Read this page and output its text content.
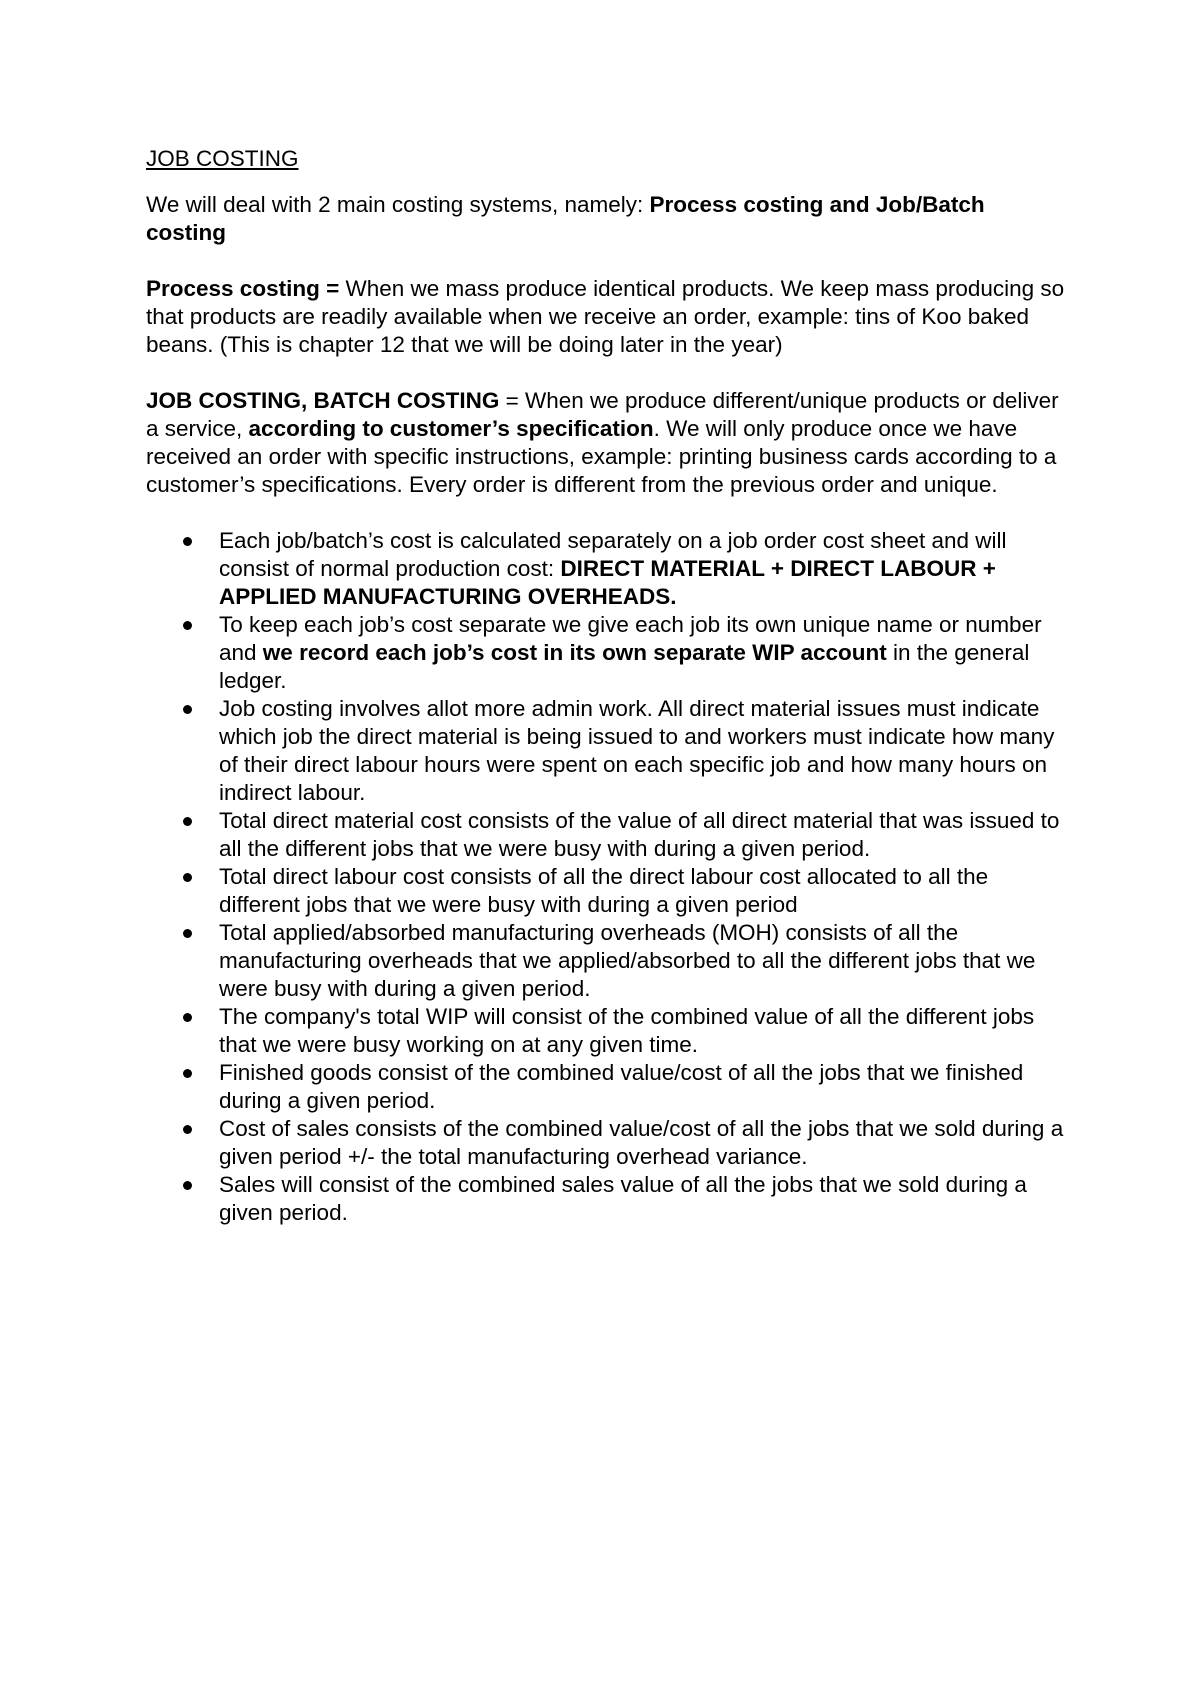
JOB COSTING

We will deal with 2 main costing systems, namely: Process costing and Job/Batch costing

Process costing = When we mass produce identical products. We keep mass producing so that products are readily available when we receive an order, example: tins of Koo baked beans. (This is chapter 12 that we will be doing later in the year)

JOB COSTING, BATCH COSTING = When we produce different/unique products or deliver a service, according to customer’s specification. We will only produce once we have received an order with specific instructions, example: printing business cards according to a customer’s specifications. Every order is different from the previous order and unique.

Each job/batch’s cost is calculated separately on a job order cost sheet and will consist of normal production cost: DIRECT MATERIAL + DIRECT LABOUR + APPLIED MANUFACTURING OVERHEADS.
To keep each job’s cost separate we give each job its own unique name or number and we record each job’s cost in its own separate WIP account in the general ledger.
Job costing involves allot more admin work. All direct material issues must indicate which job the direct material is being issued to and workers must indicate how many of their direct labour hours were spent on each specific job and how many hours on indirect labour.
Total direct material cost consists of the value of all direct material that was issued to all the different jobs that we were busy with during a given period.
Total direct labour cost consists of all the direct labour cost allocated to all the different jobs that we were busy with during a given period
Total applied/absorbed manufacturing overheads (MOH) consists of all the manufacturing overheads that we applied/absorbed to all the different jobs that we were busy with during a given period.
The company's total WIP will consist of the combined value of all the different jobs that we were busy working on at any given time.
Finished goods consist of the combined value/cost of all the jobs that we finished during a given period.
Cost of sales consists of the combined value/cost of all the jobs that we sold during a given period +/- the total manufacturing overhead variance.
Sales will consist of the combined sales value of all the jobs that we sold during a given period.
